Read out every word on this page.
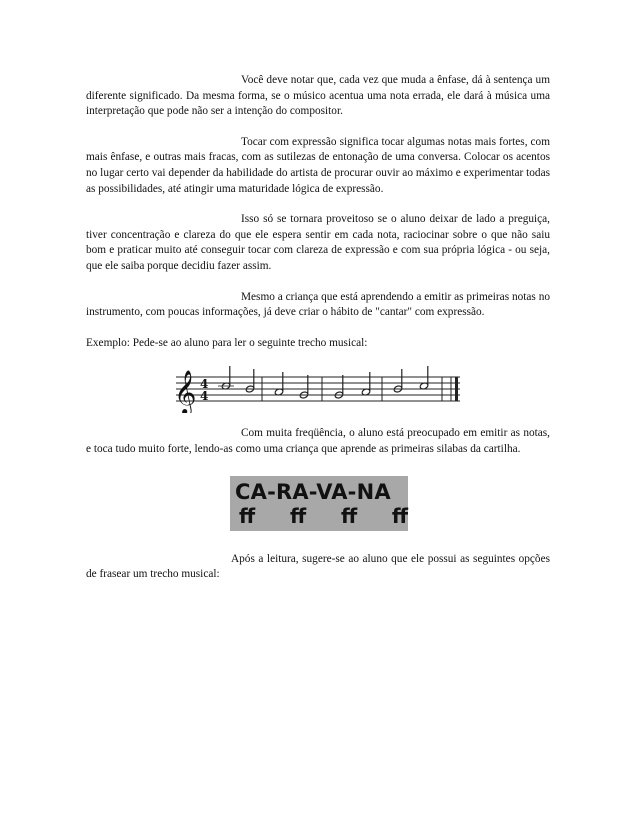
Você deve notar que, cada vez que muda a ênfase, dá à sentença um diferente significado. Da mesma forma, se o músico acentua uma nota errada, ele dará à música uma interpretação que pode não ser a intenção do compositor.

Tocar com expressão significa tocar algumas notas mais fortes, com mais ênfase, e outras mais fracas, com as sutilezas de entonação de uma conversa. Colocar os acentos no lugar certo vai depender da habilidade do artista de procurar ouvir ao máximo e experimentar todas as possibilidades, até atingir uma maturidade lógica de expressão.

Isso só se tornara proveitoso se o aluno deixar de lado a preguiça, tiver concentração e clareza do que ele espera sentir em cada nota, raciocinar sobre o que não saiu bom e praticar muito até conseguir tocar com clareza de expressão e com sua própria lógica - ou seja, que ele saiba porque decidiu fazer assim.

Mesmo a criança que está aprendendo a emitir as primeiras notas no instrumento, com poucas informações, já deve criar o hábito de "cantar" com expressão.

Exemplo: Pede-se ao aluno para ler o seguinte trecho musical:

𝄞 4
4

Com muita freqüência, o aluno está preocupado em emitir as notas, e toca tudo muito forte, lendo-as como uma criança que aprende as primeiras silabas da cartilha.

CA-RA-VA-NA
ff ff ff ff

Após a leitura, sugere-se ao aluno que ele possui as seguintes opções de frasear um trecho musical:
